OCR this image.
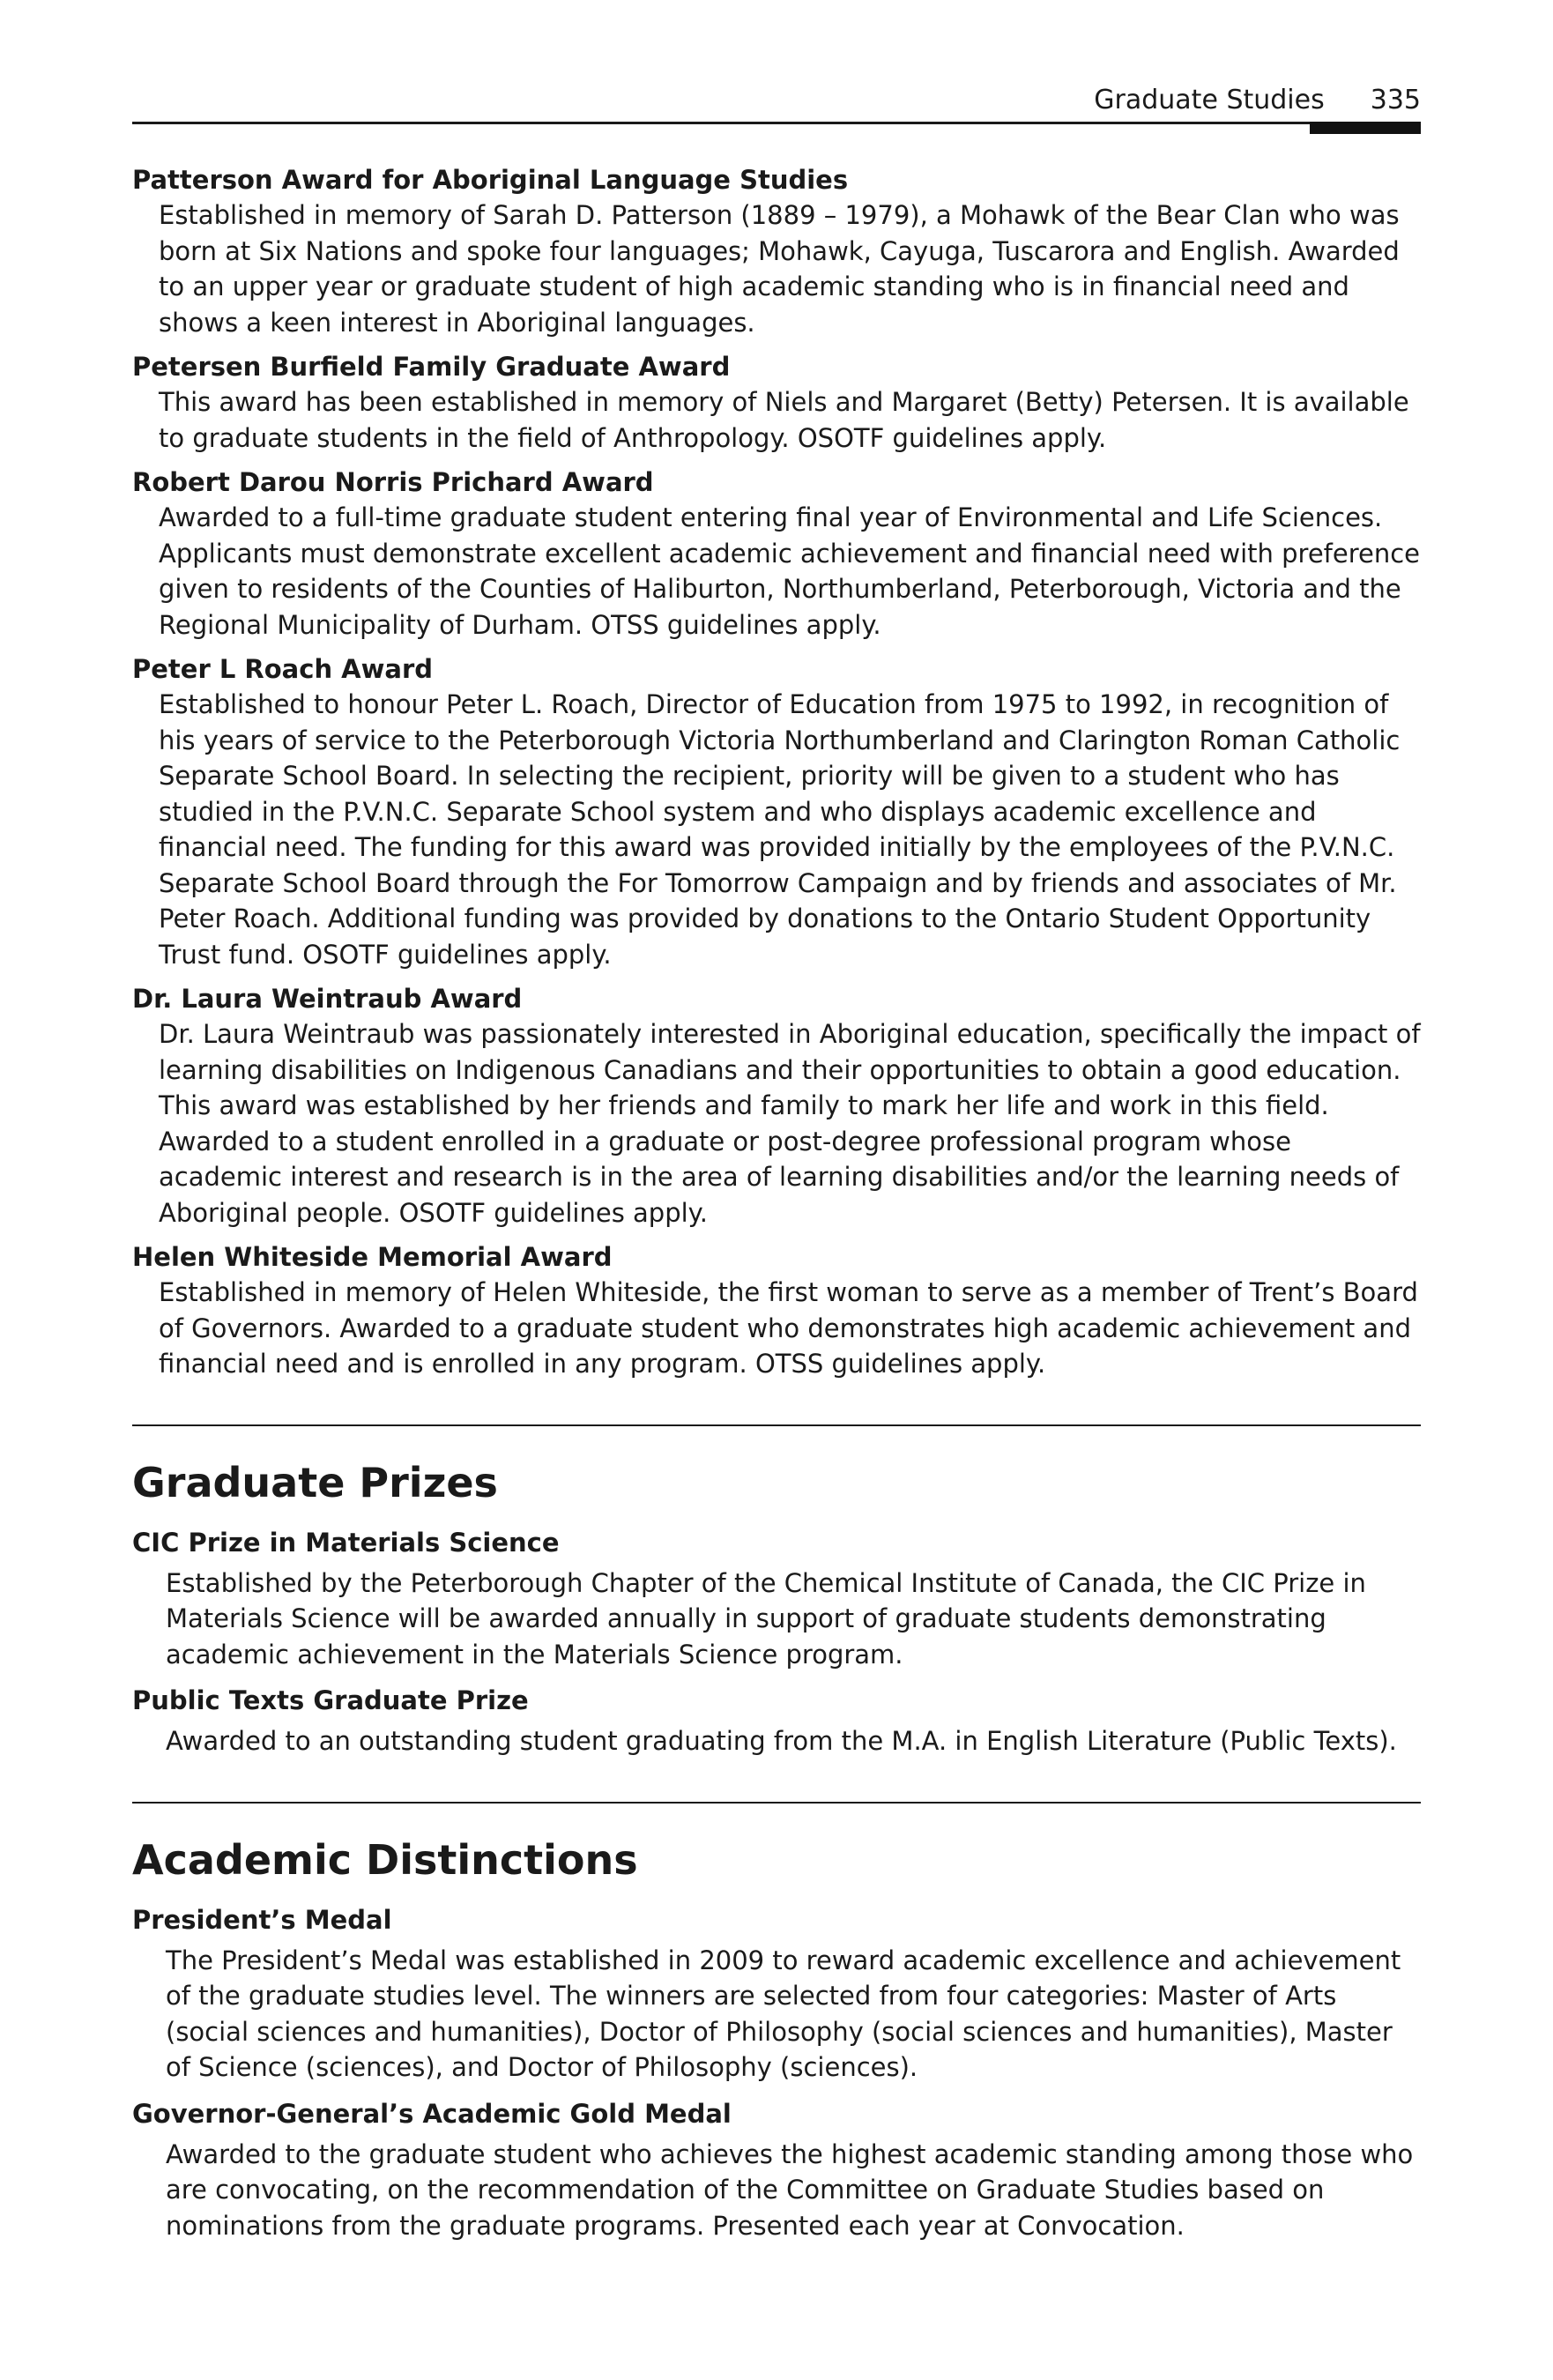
Graduate Studies 335

Patterson Award for Aboriginal Language Studies

Established in memory of Sarah D. Patterson (1889 – 1979), a Mohawk of the Bear Clan who was born at Six Nations and spoke four languages; Mohawk, Cayuga, Tuscarora and English. Awarded to an upper year or graduate student of high academic standing who is in financial need and shows a keen interest in Aboriginal languages.

Petersen Burfield Family Graduate Award

This award has been established in memory of Niels and Margaret (Betty) Petersen. It is available to graduate students in the field of Anthropology. OSOTF guidelines apply.

Robert Darou Norris Prichard Award

Awarded to a full-time graduate student entering final year of Environmental and Life Sciences. Applicants must demonstrate excellent academic achievement and financial need with preference given to residents of the Counties of Haliburton, Northumberland, Peterborough, Victoria and the Regional Municipality of Durham. OTSS guidelines apply.

Peter L Roach Award

Established to honour Peter L. Roach, Director of Education from 1975 to 1992, in recognition of his years of service to the Peterborough Victoria Northumberland and Clarington Roman Catholic Separate School Board. In selecting the recipient, priority will be given to a student who has studied in the P.V.N.C. Separate School system and who displays academic excellence and financial need. The funding for this award was provided initially by the employees of the P.V.N.C. Separate School Board through the For Tomorrow Campaign and by friends and associates of Mr. Peter Roach. Additional funding was provided by donations to the Ontario Student Opportunity Trust fund. OSOTF guidelines apply.

Dr. Laura Weintraub Award

Dr. Laura Weintraub was passionately interested in Aboriginal education, specifically the impact of learning disabilities on Indigenous Canadians and their opportunities to obtain a good education. This award was established by her friends and family to mark her life and work in this field. Awarded to a student enrolled in a graduate or post-degree professional program whose academic interest and research is in the area of learning disabilities and/or the learning needs of Aboriginal people. OSOTF guidelines apply.

Helen Whiteside Memorial Award

Established in memory of Helen Whiteside, the first woman to serve as a member of Trent’s Board of Governors. Awarded to a graduate student who demonstrates high academic achievement and financial need and is enrolled in any program. OTSS guidelines apply.

Graduate Prizes

CIC Prize in Materials Science

Established by the Peterborough Chapter of the Chemical Institute of Canada, the CIC Prize in Materials Science will be awarded annually in support of graduate students demonstrating academic achievement in the Materials Science program.

Public Texts Graduate Prize

Awarded to an outstanding student graduating from the M.A. in English Literature (Public Texts).

Academic Distinctions

President’s Medal

The President’s Medal was established in 2009 to reward academic excellence and achievement of the graduate studies level. The winners are selected from four categories: Master of Arts (social sciences and humanities), Doctor of Philosophy (social sciences and humanities), Master of Science (sciences), and Doctor of Philosophy (sciences).

Governor-General’s Academic Gold Medal

Awarded to the graduate student who achieves the highest academic standing among those who are convocating, on the recommendation of the Committee on Graduate Studies based on nominations from the graduate programs. Presented each year at Convocation.
